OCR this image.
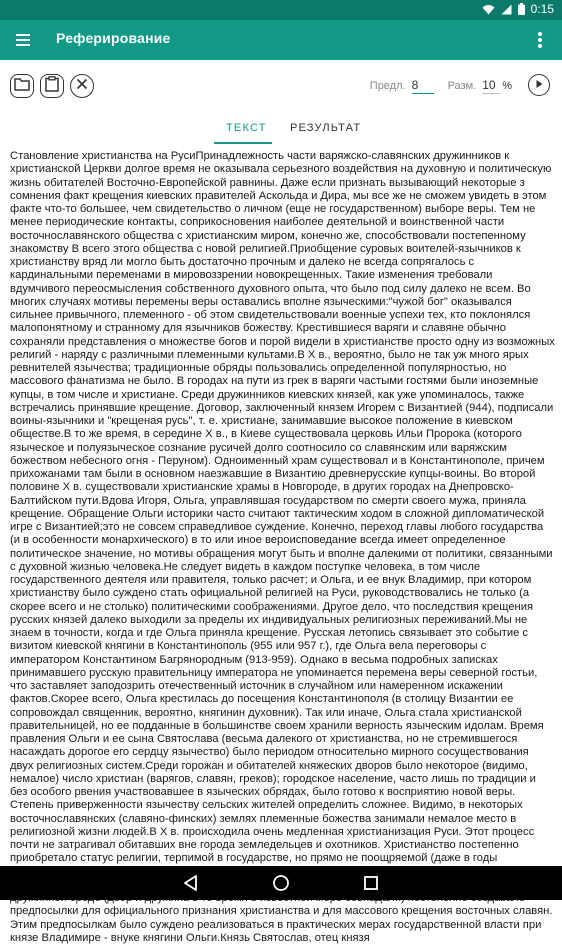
0:15
Реферирование
Предл. 8	Разм. 10 %
ТЕКСТ РЕЗУЛЬТАТ
Становление христианства на РусиПринадлежность части варяжско-славянских дружинников к христианской Церкви долгое время не оказывала серьезного воздействия на духовную и политическую жизнь обитателей Восточно-Европейской равнины. Даже если признать вызывающий некоторые з сомнения факт крещения киевских правителей Аскольда и Дира, мы все же не сможем увидеть в этом факте что-то большее, чем свидетельство о личном (еще не государственном) выборе веры. Тем не менее периодические контакты, соприкосновения наиболее деятельной и воинственной части восточнославянского общества с христианским миром, конечно же, способствовали постепенному знакомству В всего этого общества с новой религией.Приобщение суровых воителей-язычников к христианству вряд ли могло быть достаточно прочным и далеко не всегда сопрягалось с кардинальными переменами в мировоззрении новокрещенных. Такие изменения требовали вдумчивого переосмысления собственного духовного опыта, что было под силу далеко не всем. Во многих случаях мотивы перемены веры оставались вполне языческими:"чужой бог" оказывался сильнее привычного, племенного - об этом свидетельствовали военные успехи тех, кто поклонялся малопонятному и странному для язычников божеству. Крестившиеся варяги и славяне обычно сохраняли представления о множестве богов и порой видели в христианстве просто одну из возможных религий - наряду с различными племенными культами.В X в., вероятно, было не так уж много ярых ревнителей язычества; традиционные обряды пользовались определенной популярностью, но массового фанатизма не было. В городах на пути из грек в варяги частыми гостями были иноземные купцы, в том числе и христиане. Среди дружинников киевских князей, как уже упоминалось, также встречались принявшие крещение. Договор, заключенный князем Игорем с Византией (944), подписали воины-язычники и "крещеная русь", т. е. христиане, занимавшие высокое положение в киевском обществе.В то же время, в середине X в., в Киеве существовала церковь Ильи Пророка (которого языческое и полуязыческое сознание русичей долго соотносило со славянским или варяжским божеством небесного огня - Перуном). Одноименный храм существовал и в Константинополе, причем прихожанами там были в основном наезжавшие в Византию древнерусские купцы-воины. Во второй половине X в. существовали христианские храмы в Новгороде, в других городах на Днепровско-Балтийском пути.Вдова Игоря, Ольга, управлявшая государством по смерти своего мужа, приняла крещение. Обращение Ольги историки часто считают тактическим ходом в сложной дипломатической игре с Византией;это не совсем справедливое суждение. Конечно, переход главы любого государства (и в особенности монархического) в то или иное вероисповедание всегда имеет определенное политическое значение, но мотивы обращения могут быть и вполне далекими от политики, связанными с духовной жизнью человека.Не следует видеть в каждом поступке человека, в том числе государственного деятеля или правителя, только расчет; и Ольга, и ее внук Владимир, при котором христианству было суждено стать официальной религией на Руси, руководствовались не только (а скорее всего и не столько) политическими соображениями. Другое дело, что последствия крещения русских князей далеко выходили за пределы их индивидуальных религиозных переживаний.Мы не знаем в точности, когда и где Ольга приняла крещение. Русская летопись связывает это событие с визитом киевской княгини в Константинополь (955 или 957 г.), где Ольга вела переговоры с императором Константином Багрянородным (913-959). Однако в весьма подробных записках принимавшего русскую правительницу императора не упоминается перемена веры северной гостьи, что заставляет заподозрить отечественный источник в случайном или намеренном искажении фактов.Скорее всего, Ольга крестилась до посещения Константинополя (в столицу Византии ее сопровождал священник, вероятно, княгинин духовник). Так или иначе, Ольга стала христианской правительницей, но ее подданные в большинстве своем хранили верность языческим идолам. Время правления Ольги и ее сына Святослава (весьма далекого от христианства, но не стремившегося насаждать дорогое его сердцу язычество) было периодом относительно мирного сосуществования двух религиозных систем.Среди горожан и обитателей княжеских дворов было некоторое (видимо, немалое) число христиан (варягов, славян, греков); городское население, часто лишь по традиции и без особого рвения участвовавшее в языческих обрядах, было готово к восприятию новой веры. Степень приверженности язычеству сельских жителей определить сложнее. Видимо, в некоторых восточнославянских (славяно-финских) землях племенные божества занимали немалое место в религиозной жизни людей.В X в. происходила очень медленная христианизация Руси. Этот процесс почти не затрагивал обитавших вне города земледельцев и охотников. Христианство постепенно приобретало статус религии, терпимой в государстве, но прямо не поощряемой (даже в годы предпосылки для официального признания христианства и для массового крещения восточных славян. Этим предпосылкам было суждено реализоваться в практических мерах государственной власти при князе Владимире - внуке княгини Ольги.Князь Святослав, отец князя
